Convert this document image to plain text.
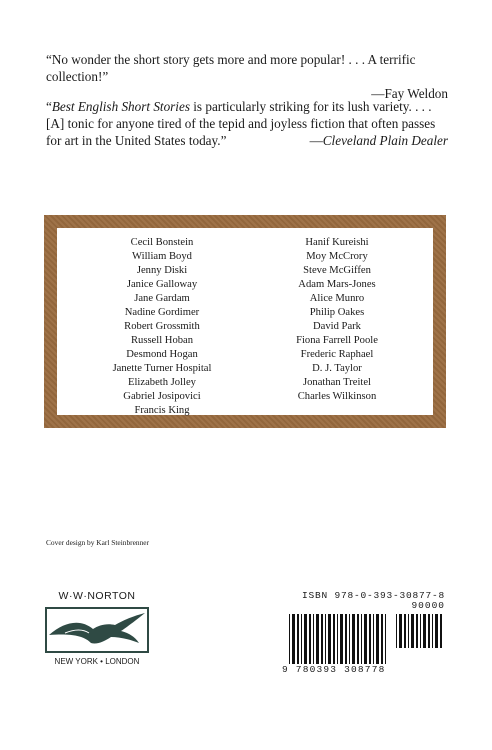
“No wonder the short story gets more and more popular! . . . A terrific collection!”
—Fay Weldon
“Best English Short Stories is particularly striking for its lush variety. . . . [A] tonic for anyone tired of the tepid and joyless fiction that often passes for art in the United States today.”	—Cleveland Plain Dealer
Cecil Bonstein
William Boyd
Jenny Diski
Janice Galloway
Jane Gardam
Nadine Gordimer
Robert Grossmith
Russell Hoban
Desmond Hogan
Janette Turner Hospital
Elizabeth Jolley
Gabriel Josipovici
Francis King
Hanif Kureishi
Moy McCrory
Steve McGiffen
Adam Mars-Jones
Alice Munro
Philip Oakes
David Park
Fiona Farrell Poole
Frederic Raphael
D. J. Taylor
Jonathan Treitel
Charles Wilkinson
Cover design by Karl Steinbrenner
W·W·NORTON
NEW YORK • LONDON
ISBN 978-0-393-30877-8
90000
9 780393 308778
